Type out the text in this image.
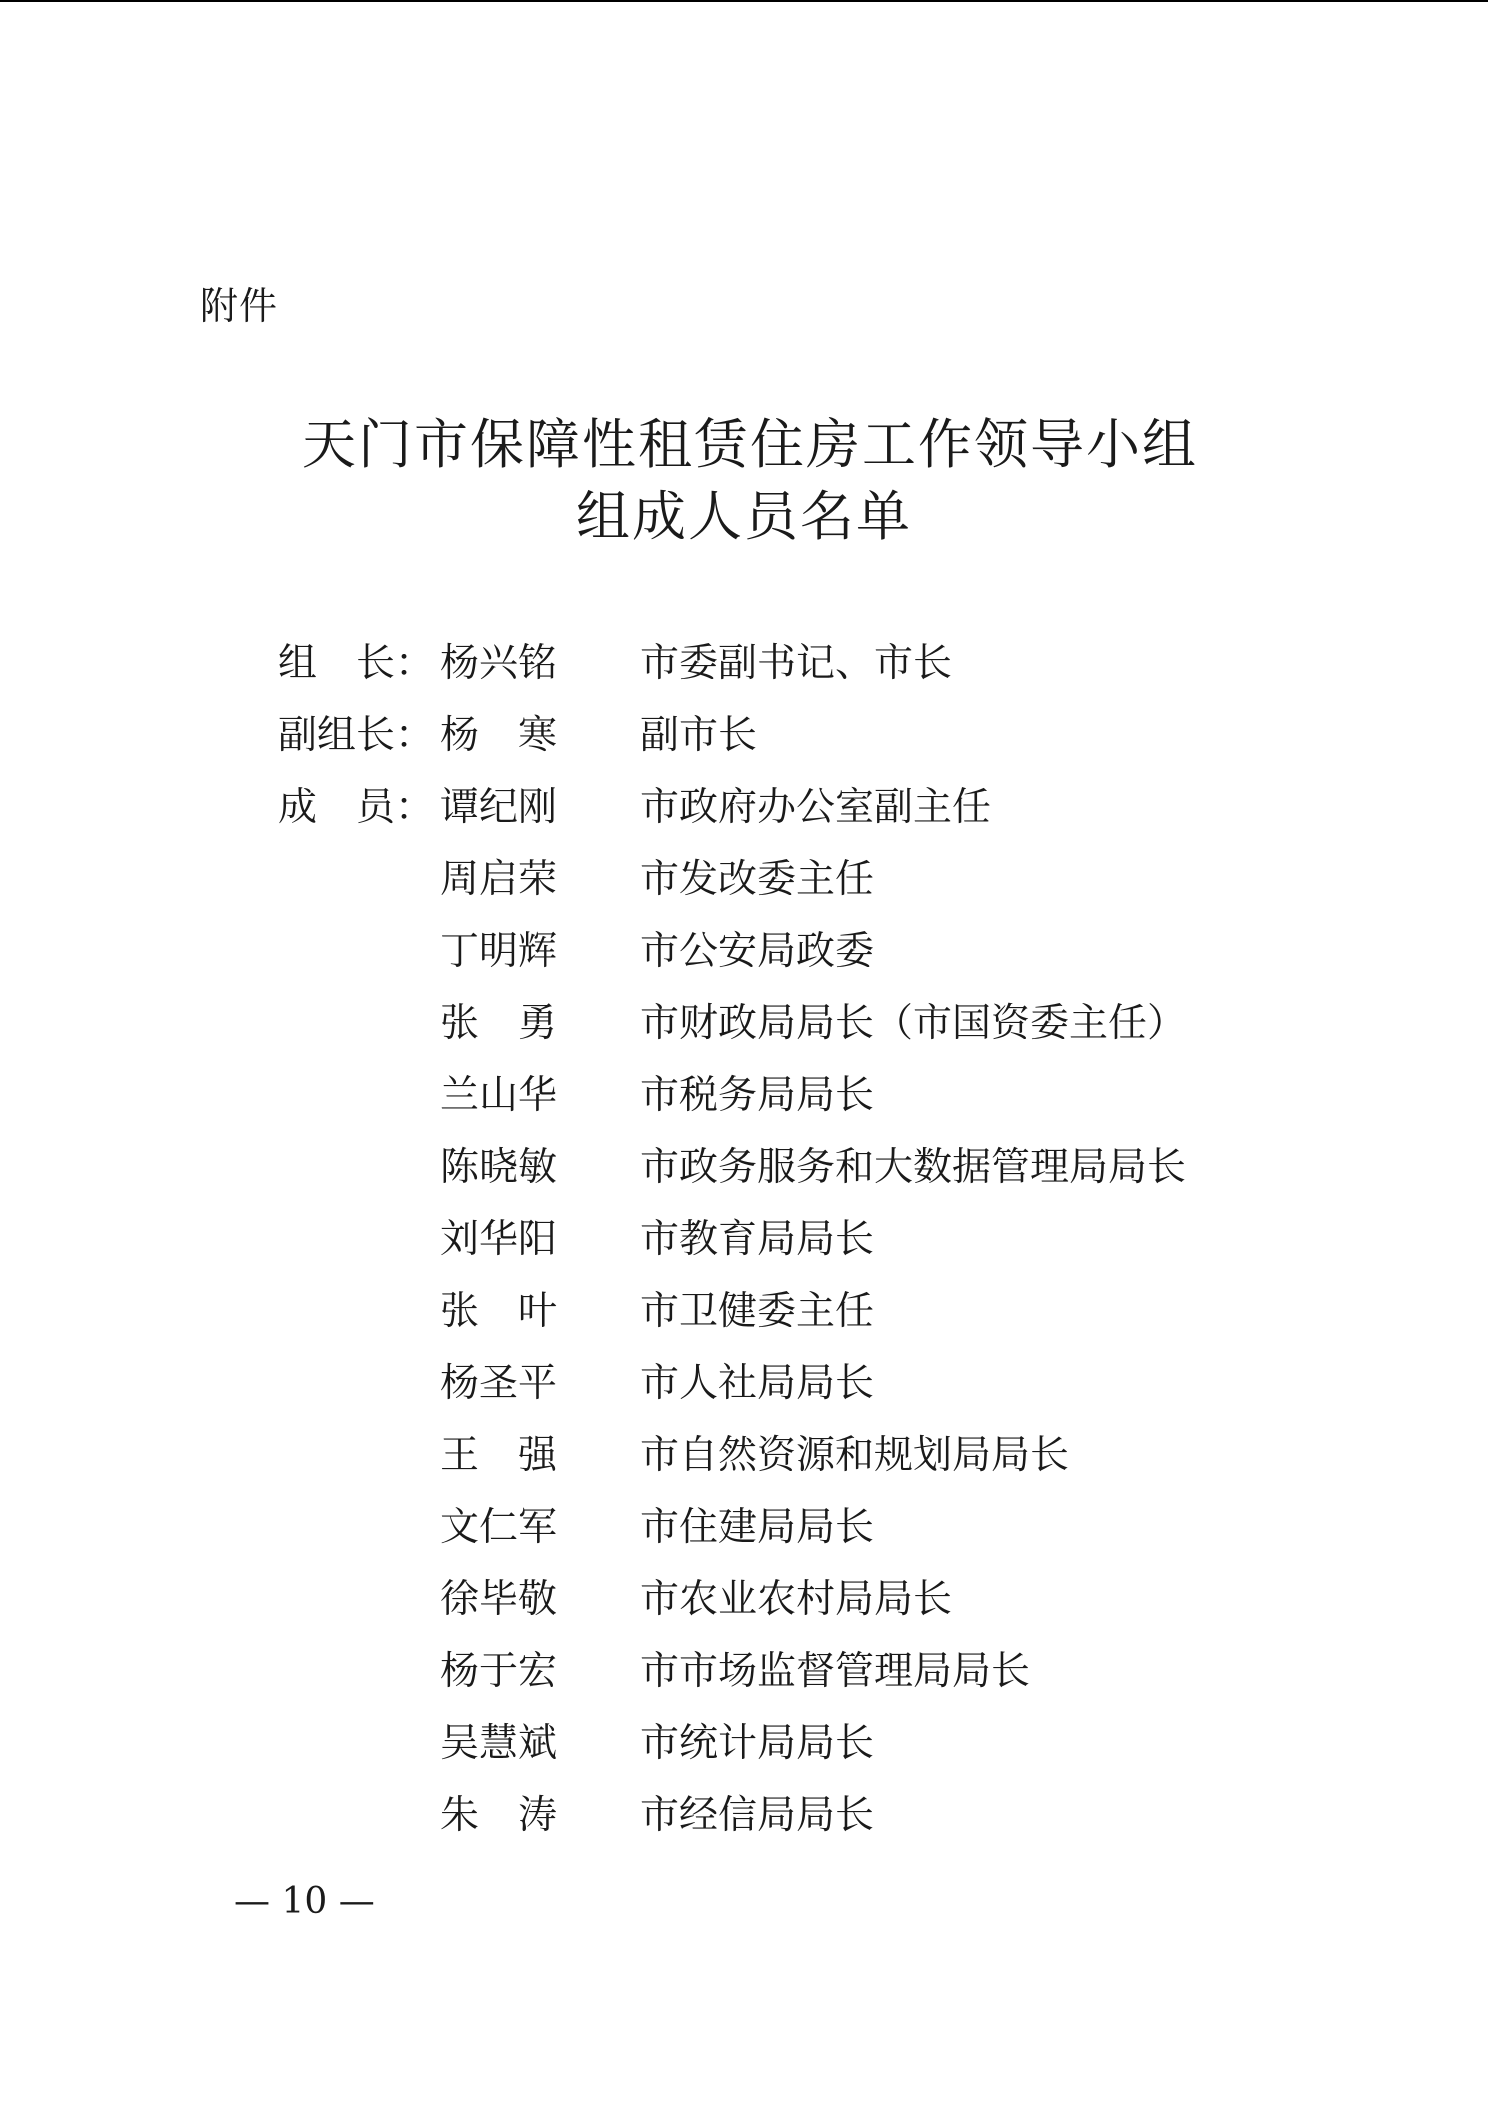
附件
天门市保障性租赁住房工作领导小组
组成人员名单
组　长： 杨兴铭	市委副书记、市长
副组长： 杨　寒	副市长
成　员： 谭纪刚	市政府办公室副主任
周启荣	市发改委主任
丁明辉	市公安局政委
张　勇	市财政局局长（市国资委主任）
兰山华	市税务局局长
陈晓敏	市政务服务和大数据管理局局长
刘华阳	市教育局局长
张　叶	市卫健委主任
杨圣平	市人社局局长
王　强	市自然资源和规划局局长
文仁军	市住建局局长
徐毕敬	市农业农村局局长
杨于宏	市市场监督管理局局长
吴慧斌	市统计局局长
朱　涛	市经信局局长
— 10 —
